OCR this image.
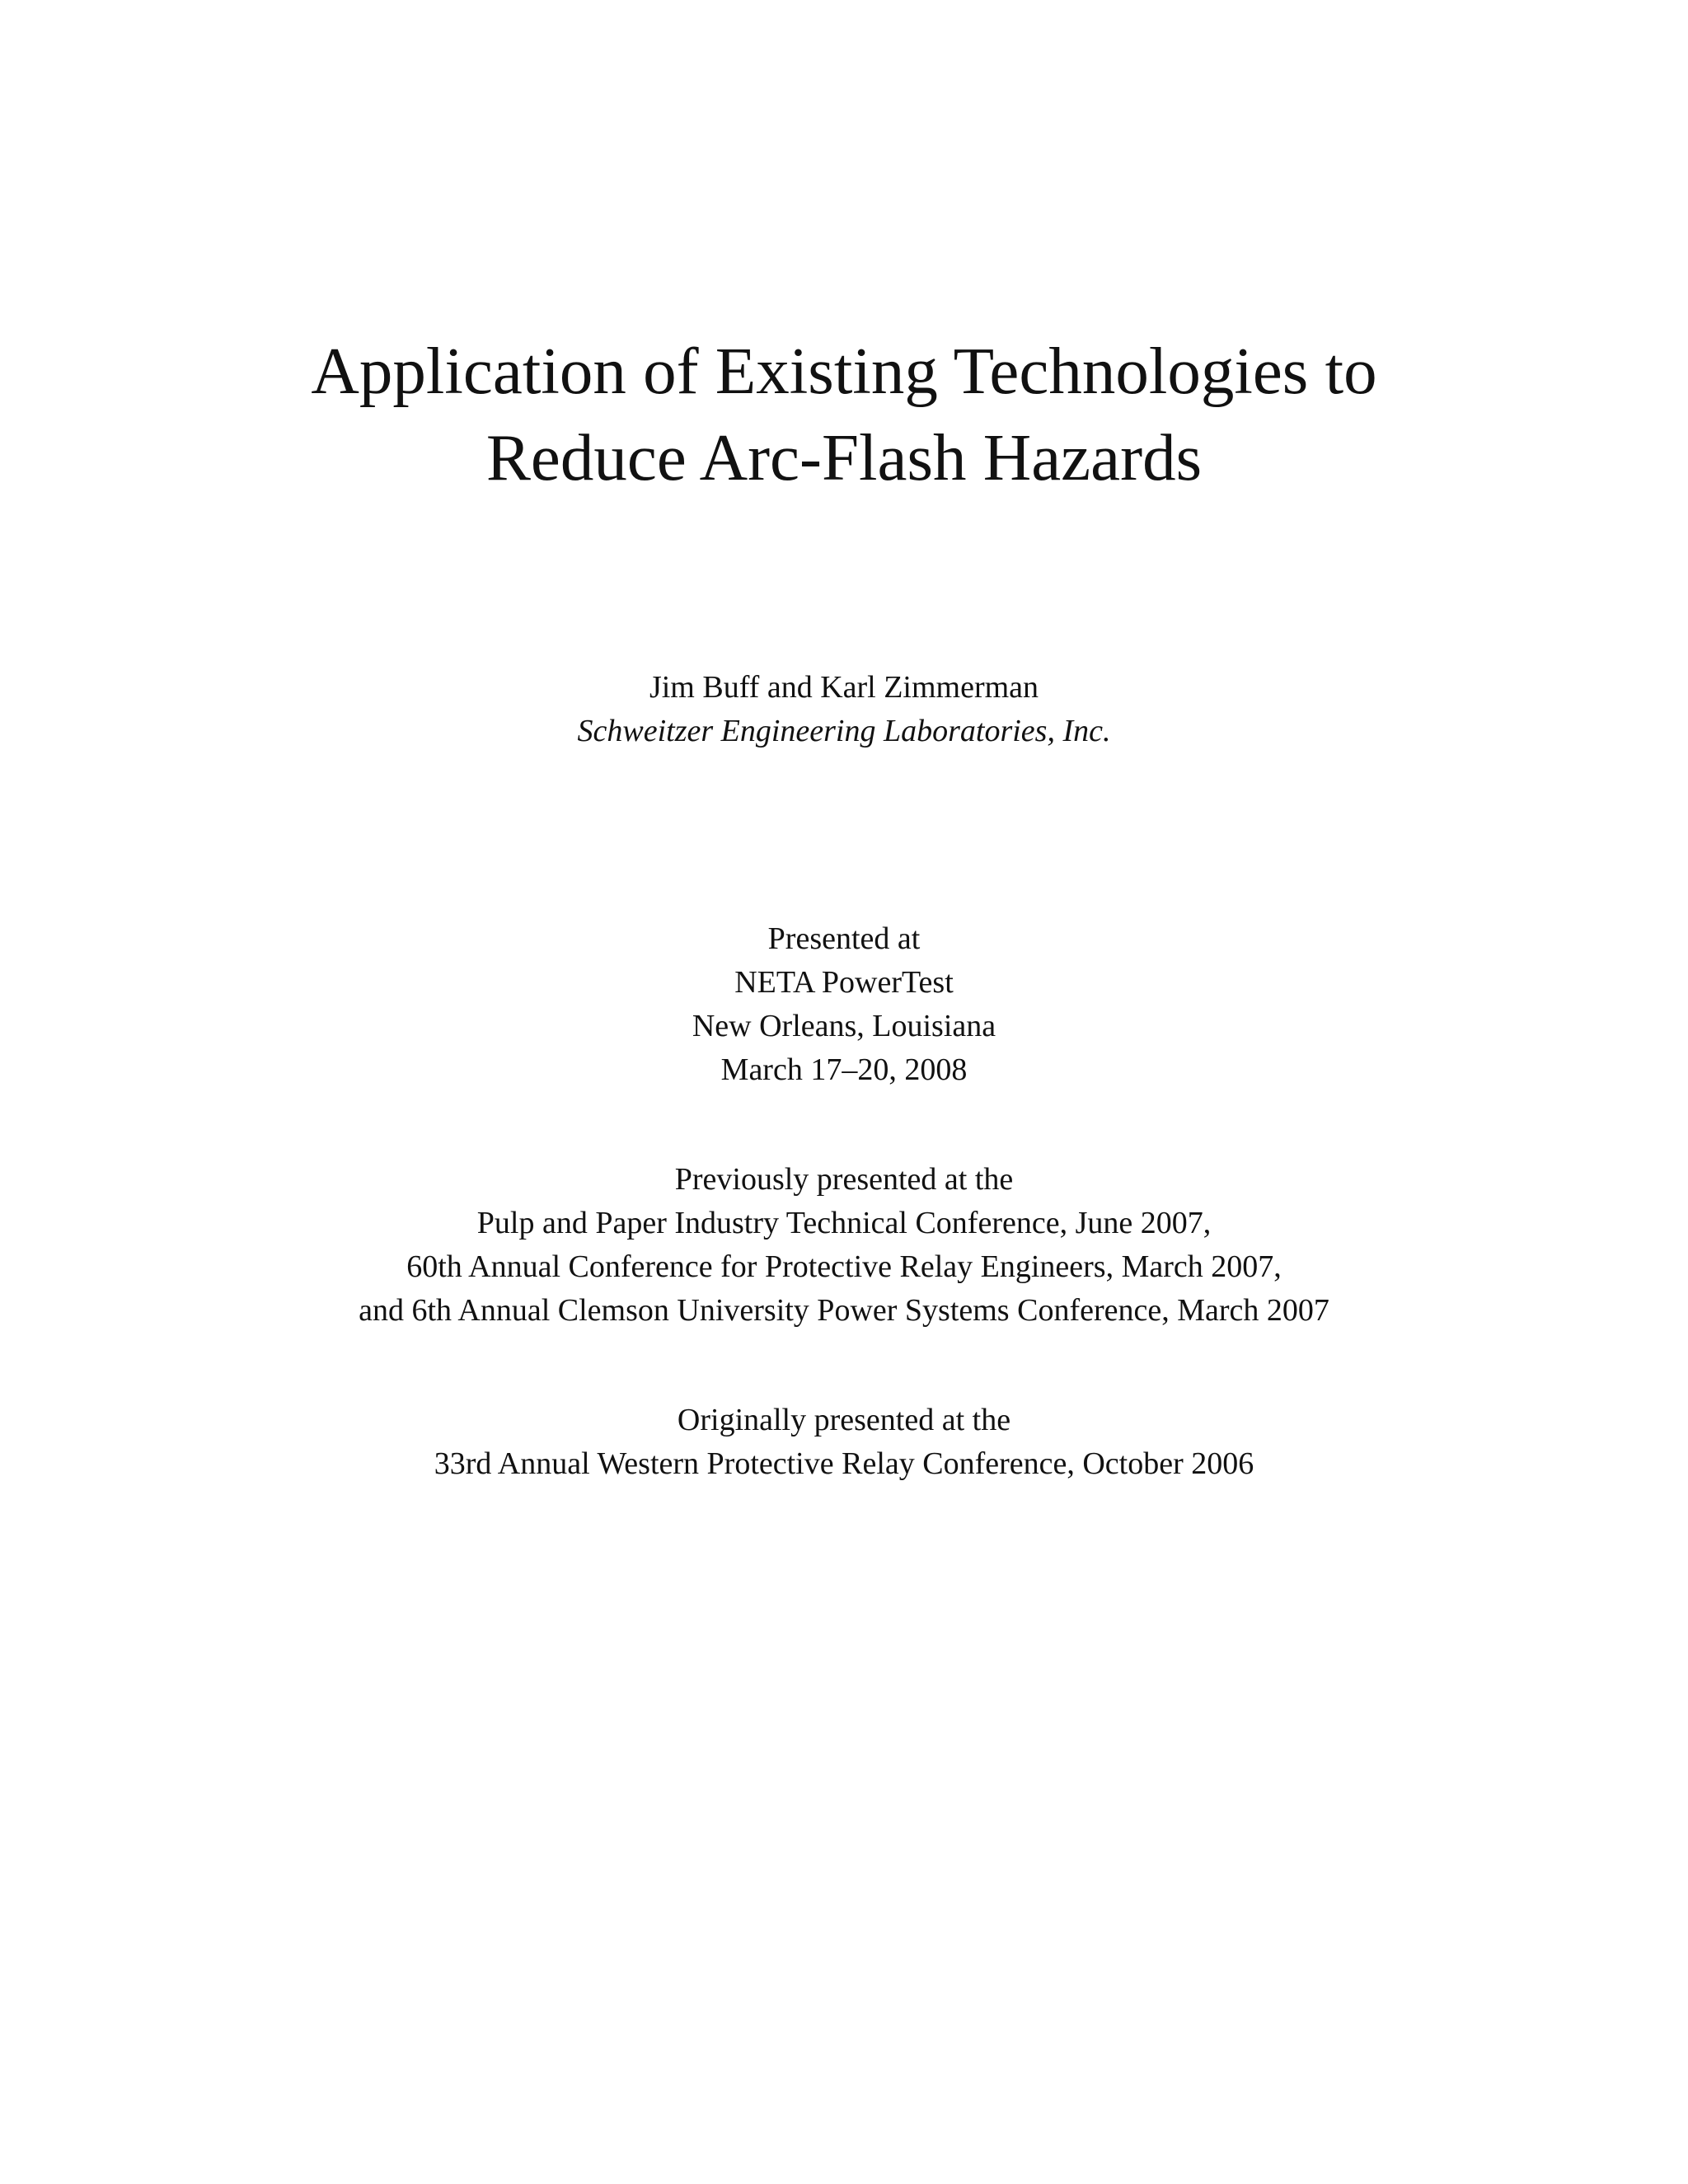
Application of Existing Technologies to
Reduce Arc-Flash Hazards
Jim Buff and Karl Zimmerman
Schweitzer Engineering Laboratories, Inc.
Presented at
NETA PowerTest
New Orleans, Louisiana
March 17–20, 2008
Previously presented at the
Pulp and Paper Industry Technical Conference, June 2007,
60th Annual Conference for Protective Relay Engineers, March 2007,
and 6th Annual Clemson University Power Systems Conference, March 2007
Originally presented at the
33rd Annual Western Protective Relay Conference, October 2006
